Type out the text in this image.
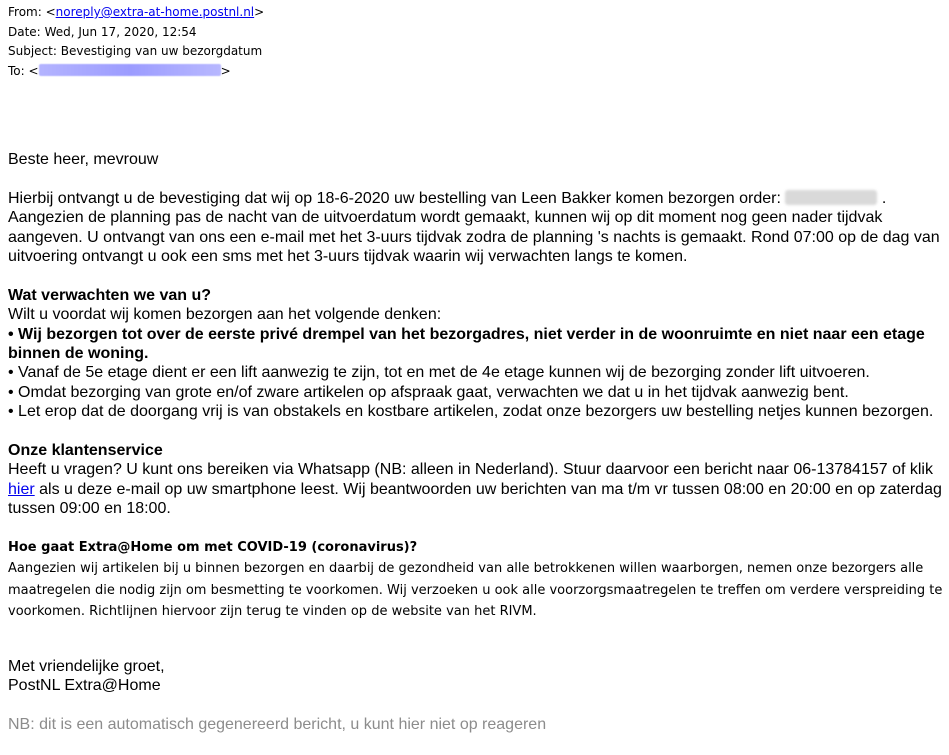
From: <noreply@extra-at-home.postnl.nl>
Date: Wed, Jun 17, 2020, 12:54
Subject: Bevestiging van uw bezorgdatum
To: <	>

Beste heer, mevrouw

Hierbij ontvangt u de bevestiging dat wij op 18-6-2020 uw bestelling van Leen Bakker komen bezorgen order:	. Aangezien de planning pas de nacht van de uitvoerdatum wordt gemaakt, kunnen wij op dit moment nog geen nader tijdvak aangeven. U ontvangt van ons een e-mail met het 3-uurs tijdvak zodra de planning 's nachts is gemaakt. Rond 07:00 op de dag van uitvoering ontvangt u ook een sms met het 3-uurs tijdvak waarin wij verwachten langs te komen.

Wat verwachten we van u?

Wilt u voordat wij komen bezorgen aan het volgende denken:

• Wij bezorgen tot over de eerste privé drempel van het bezorgadres, niet verder in de woonruimte en niet naar een etage binnen de woning.

• Vanaf de 5e etage dient er een lift aanwezig te zijn, tot en met de 4e etage kunnen wij de bezorging zonder lift uitvoeren.

• Omdat bezorging van grote en/of zware artikelen op afspraak gaat, verwachten we dat u in het tijdvak aanwezig bent.

• Let erop dat de doorgang vrij is van obstakels en kostbare artikelen, zodat onze bezorgers uw bestelling netjes kunnen bezorgen.

Onze klantenservice

Heeft u vragen? U kunt ons bereiken via Whatsapp (NB: alleen in Nederland). Stuur daarvoor een bericht naar 06-13784157 of klik hier als u deze e-mail op uw smartphone leest. Wij beantwoorden uw berichten van ma t/m vr tussen 08:00 en 20:00 en op zaterdag tussen 09:00 en 18:00.

Hoe gaat Extra@Home om met COVID-19 (coronavirus)?

Aangezien wij artikelen bij u binnen bezorgen en daarbij de gezondheid van alle betrokkenen willen waarborgen, nemen onze bezorgers alle maatregelen die nodig zijn om besmetting te voorkomen. Wij verzoeken u ook alle voorzorgsmaatregelen te treffen om verdere verspreiding te voorkomen. Richtlijnen hiervoor zijn terug te vinden op de website van het RIVM.

Met vriendelijke groet,

PostNL Extra@Home

NB: dit is een automatisch gegenereerd bericht, u kunt hier niet op reageren
